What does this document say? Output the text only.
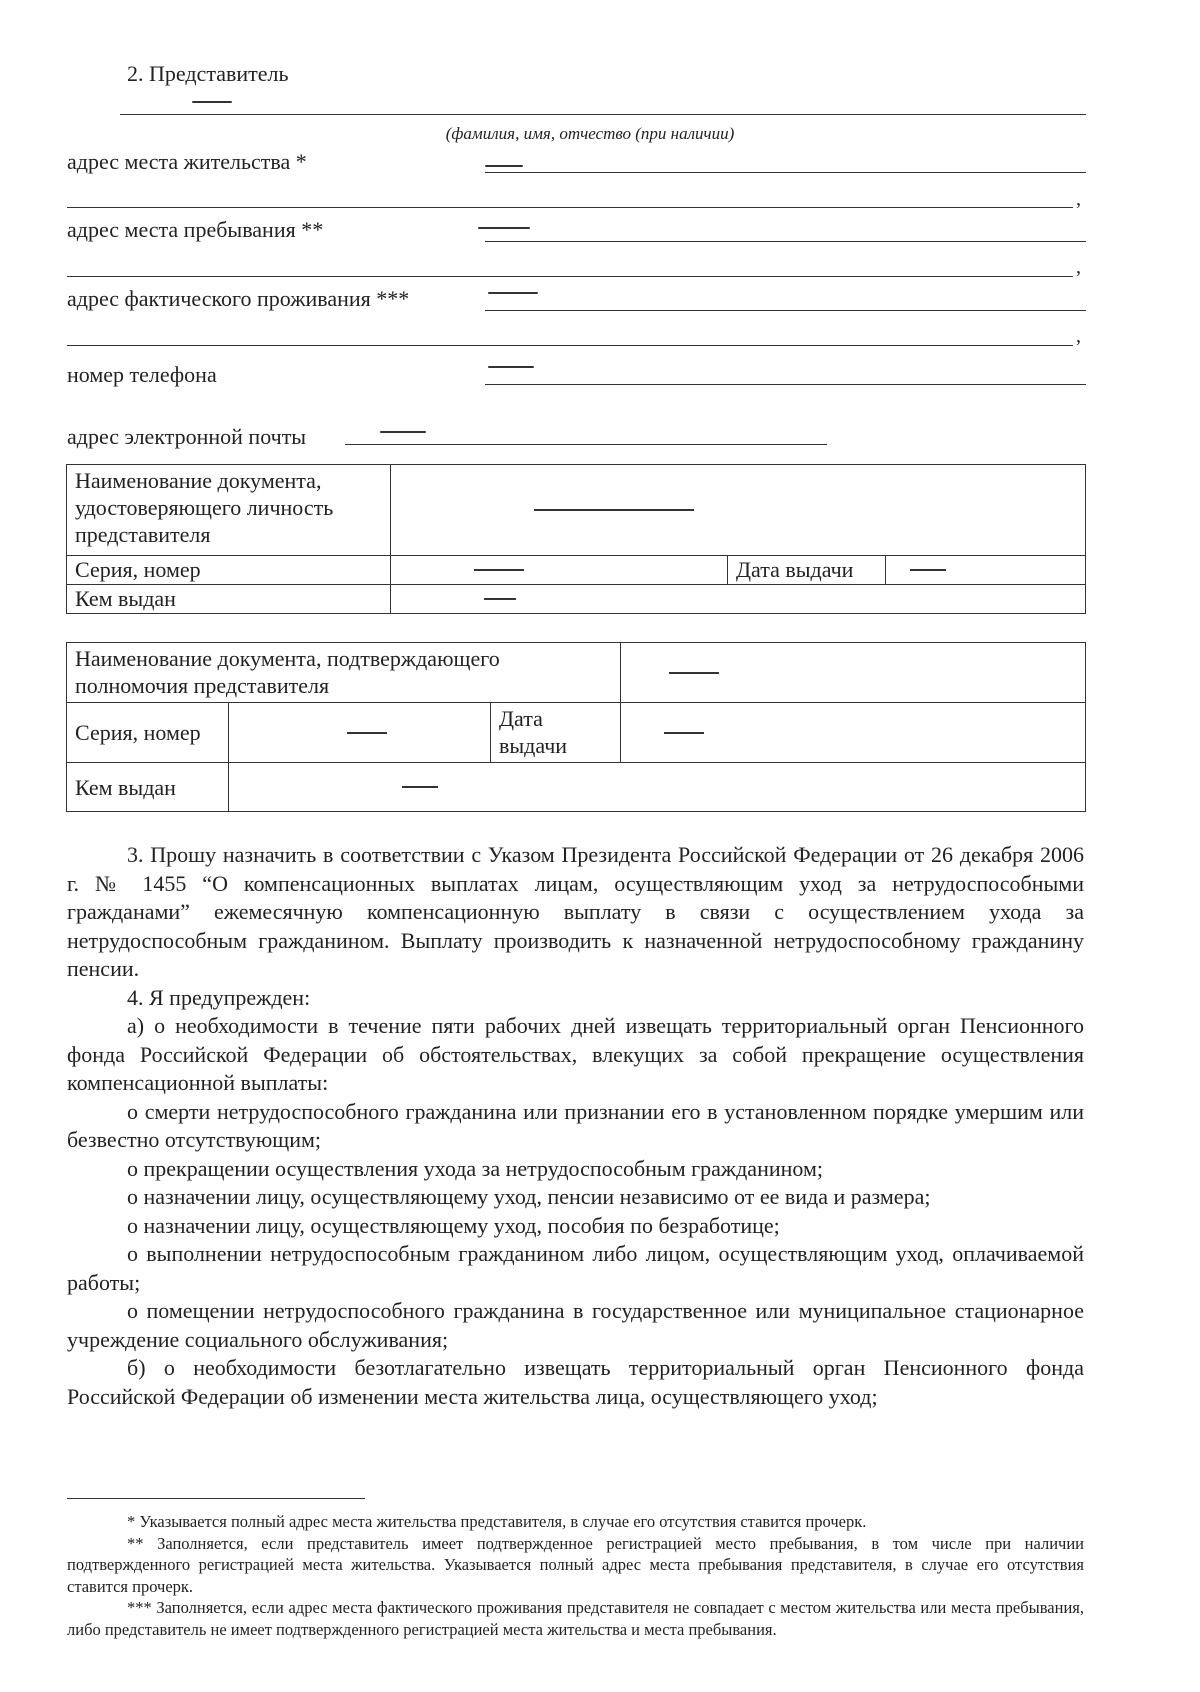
2. Представитель
(фамилия, имя, отчество (при наличии)
адрес места жительства *
,
адрес места пребывания **
,
адрес фактического проживания ***
,
номер телефона
адрес электронной почты
Наименование документа, удостоверяющего личность представителя			

Серия, номер		Дата выдачи	

Кем выдан			
Наименование документа, подтверждающего полномочия представителя			

Серия, номер		Дата выдачи	

Кем выдан			

3. Прошу назначить в соответствии с Указом Президента Российской Федерации от 26 декабря 2006 г. № 1455 “О компенсационных выплатах лицам, осуществляющим уход за нетрудоспособными гражданами” ежемесячную компенсационную выплату в связи с осуществлением ухода за нетрудоспособным гражданином. Выплату производить к назначенной нетрудоспособному гражданину пенсии.

4. Я предупрежден:

а) о необходимости в течение пяти рабочих дней извещать территориальный орган Пенсионного фонда Российской Федерации об обстоятельствах, влекущих за собой прекращение осуществления компенсационной выплаты:

о смерти нетрудоспособного гражданина или признании его в установленном порядке умершим или безвестно отсутствующим;

о прекращении осуществления ухода за нетрудоспособным гражданином;

о назначении лицу, осуществляющему уход, пенсии независимо от ее вида и размера;

о назначении лицу, осуществляющему уход, пособия по безработице;

о выполнении нетрудоспособным гражданином либо лицом, осуществляющим уход, оплачиваемой работы;

о помещении нетрудоспособного гражданина в государственное или муниципальное стационарное учреждение социального обслуживания;

б) о необходимости безотлагательно извещать территориальный орган Пенсионного фонда Российской Федерации об изменении места жительства лица, осуществляющего уход;

* Указывается полный адрес места жительства представителя, в случае его отсутствия ставится прочерк.

** Заполняется, если представитель имеет подтвержденное регистрацией место пребывания, в том числе при наличии подтвержденного регистрацией места жительства. Указывается полный адрес места пребывания представителя, в случае его отсутствия ставится прочерк.

*** Заполняется, если адрес места фактического проживания представителя не совпадает с местом жительства или места пребывания, либо представитель не имеет подтвержденного регистрацией места жительства и места пребывания.
